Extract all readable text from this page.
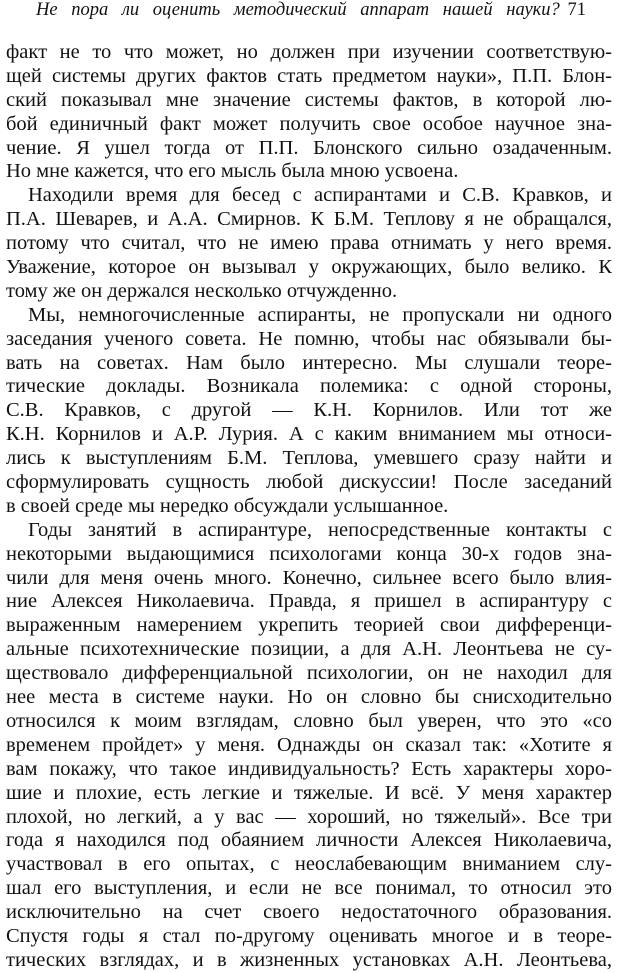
Не пора ли оценить методический аппарат нашей науки? 71
факт не то что может, но должен при изучении соответствую-
щей системы других фактов стать предметом науки», П.П. Блон-
ский показывал мне значение системы фактов, в которой лю-
бой единичный факт может получить свое особое научное зна-
чение. Я ушел тогда от П.П. Блонского сильно озадаченным.
Но мне кажется, что его мысль была мною усвоена.
Находили время для бесед с аспирантами и С.В. Кравков, и
П.А. Шеварев, и А.А. Смирнов. К Б.М. Теплову я не обращался,
потому что считал, что не имею права отнимать у него время.
Уважение, которое он вызывал у окружающих, было велико. К
тому же он держался несколько отчужденно.
Мы, немногочисленные аспиранты, не пропускали ни одного
заседания ученого совета. Не помню, чтобы нас обязывали бы-
вать на советах. Нам было интересно. Мы слушали теоре-
тические доклады. Возникала полемика: с одной стороны,
С.В. Кравков, с другой — К.Н. Корнилов. Или тот же
К.Н. Корнилов и А.Р. Лурия. А с каким вниманием мы относи-
лись к выступлениям Б.М. Теплова, умевшего сразу найти и
сформулировать сущность любой дискуссии! После заседаний
в своей среде мы нередко обсуждали услышанное.
Годы занятий в аспирантуре, непосредственные контакты с
некоторыми выдающимися психологами конца 30-х годов зна-
чили для меня очень много. Конечно, сильнее всего было влия-
ние Алексея Николаевича. Правда, я пришел в аспирантуру с
выраженным намерением укрепить теорией свои дифференци-
альные психотехнические позиции, а для А.Н. Леонтьева не су-
ществовало дифференциальной психологии, он не находил для
нее места в системе науки. Но он словно бы снисходительно
относился к моим взглядам, словно был уверен, что это «со
временем пройдет» у меня. Однажды он сказал так: «Хотите я
вам покажу, что такое индивидуальность? Есть характеры хоро-
шие и плохие, есть легкие и тяжелые. И всё. У меня характер
плохой, но легкий, а у вас — хороший, но тяжелый». Все три
года я находился под обаянием личности Алексея Николаевича,
участвовал в его опытах, с неослабевающим вниманием слу-
шал его выступления, и если не все понимал, то относил это
исключительно на счет своего недостаточного образования.
Спустя годы я стал по-другому оценивать многое и в теоре-
тических взглядах, и в жизненных установках А.Н. Леонтьева,
